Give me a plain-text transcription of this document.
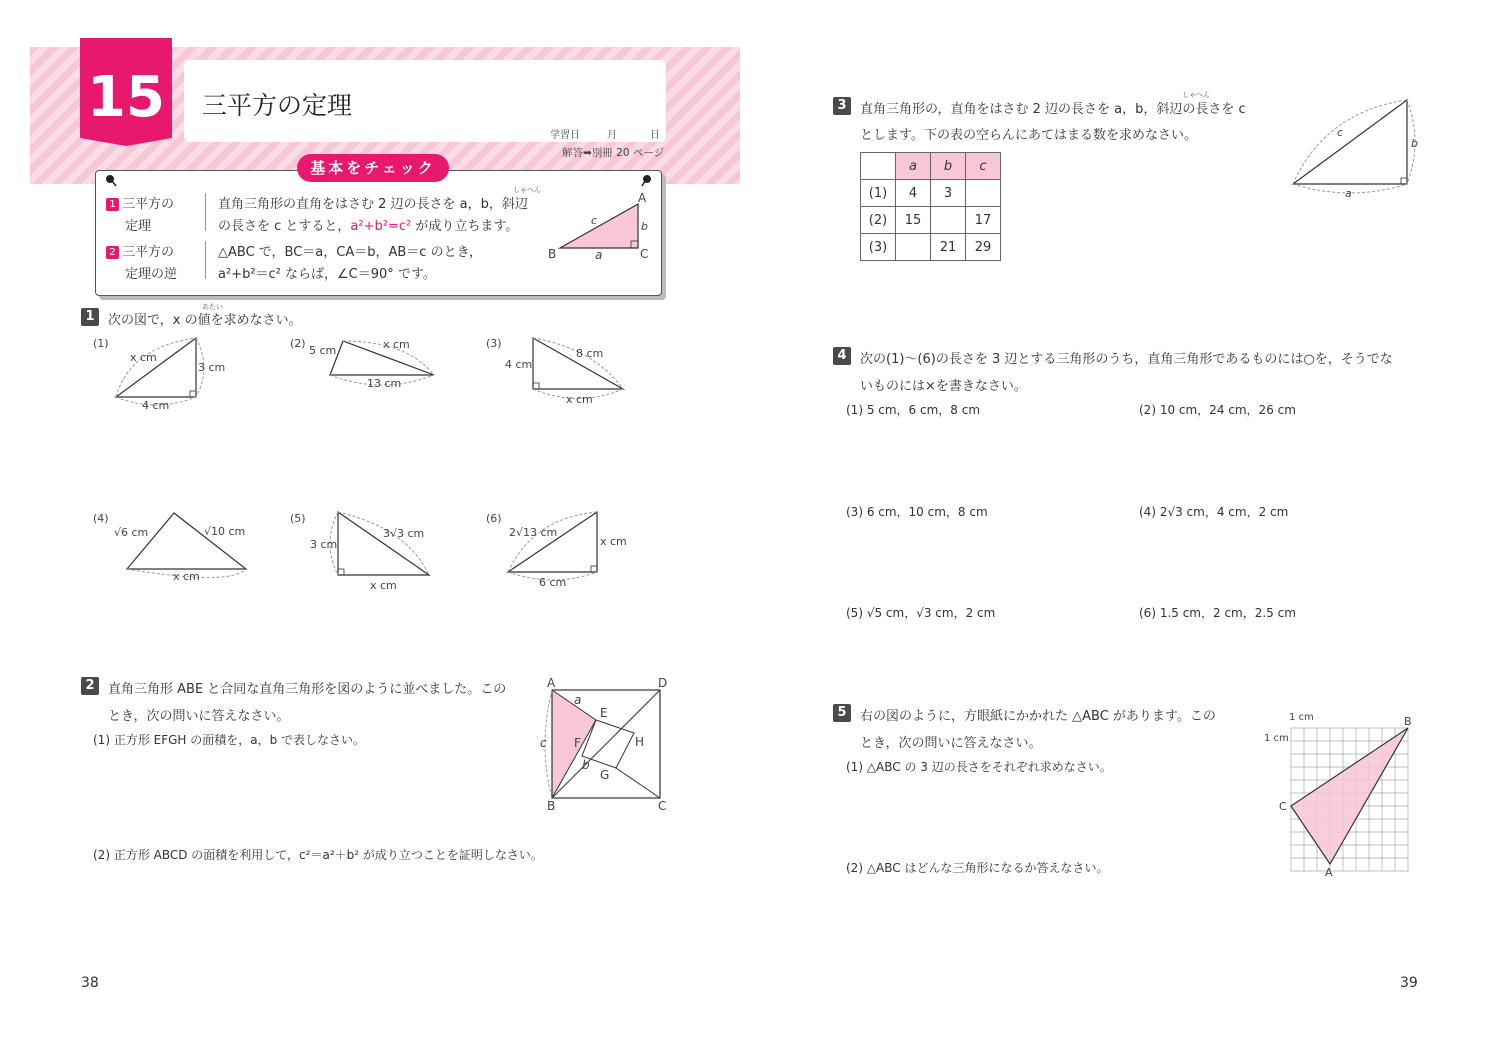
15 三平方の定理
学習日	月	日
解答➡別冊 20 ページ
基本をチェック
1 三平方の
定理
しゃへん
直角三角形の直角をはさむ 2 辺の長さを a，b，斜辺
の長さを c とすると，a²+b²=c² が成り立ちます。
2 三平方の
定理の逆
△ABC で，BC＝a，CA＝b，AB＝c のとき，
a²+b²＝c² ならば，∠C＝90° です。
A
B	C
a
b
c
1
あたい
次の図で，x の値を求めなさい。
(1)
x cm
3 cm
4 cm
(2)
5 cm	x cm
13 cm
(3)
4 cm
8 cm
x cm
(4)
√6 cm	√10 cm
x cm
(5)
3 cm
3√3 cm
x cm
(6)
2√13 cm
x cm
6 cm
2	直角三角形 ABE と合同な直角三角形を図のように並べました。この
とき，次の問いに答えなさい。
(1) 正方形 EFGH の面積を，a，b で表しなさい。
(2) 正方形 ABCD の面積を利用して，c²＝a²＋b² が成り立つことを証明しなさい。
A
B	C
D
E
F
G
H
a
b
c
3
しゃへん
直角三角形の，直角をはさむ 2 辺の長さを a，b，斜辺の長さを c
とします。下の表の空らんにあてはまる数を求めなさい。
	a	b	c
(1)	4	3	
(2)	15		17
(3)		21	29
c
b
a
4	次の(1)〜(6)の長さを 3 辺とする三角形のうち，直角三角形であるものには○を，そうでな
いものには×を書きなさい。
(1) 5 cm，6 cm，8 cm	(2) 10 cm，24 cm，26 cm
(3) 6 cm，10 cm，8 cm	(4) 2√3 cm，4 cm，2 cm
(5) √5 cm，√3 cm，2 cm	(6) 1.5 cm，2 cm，2.5 cm
5	右の図のように，方眼紙にかかれた △ABC があります。この
とき，次の問いに答えなさい。
(1) △ABC の 3 辺の長さをそれぞれ求めなさい。
(2) △ABC はどんな三角形になるか答えなさい。
1 cm
1 cm
B
C
A
38	39
